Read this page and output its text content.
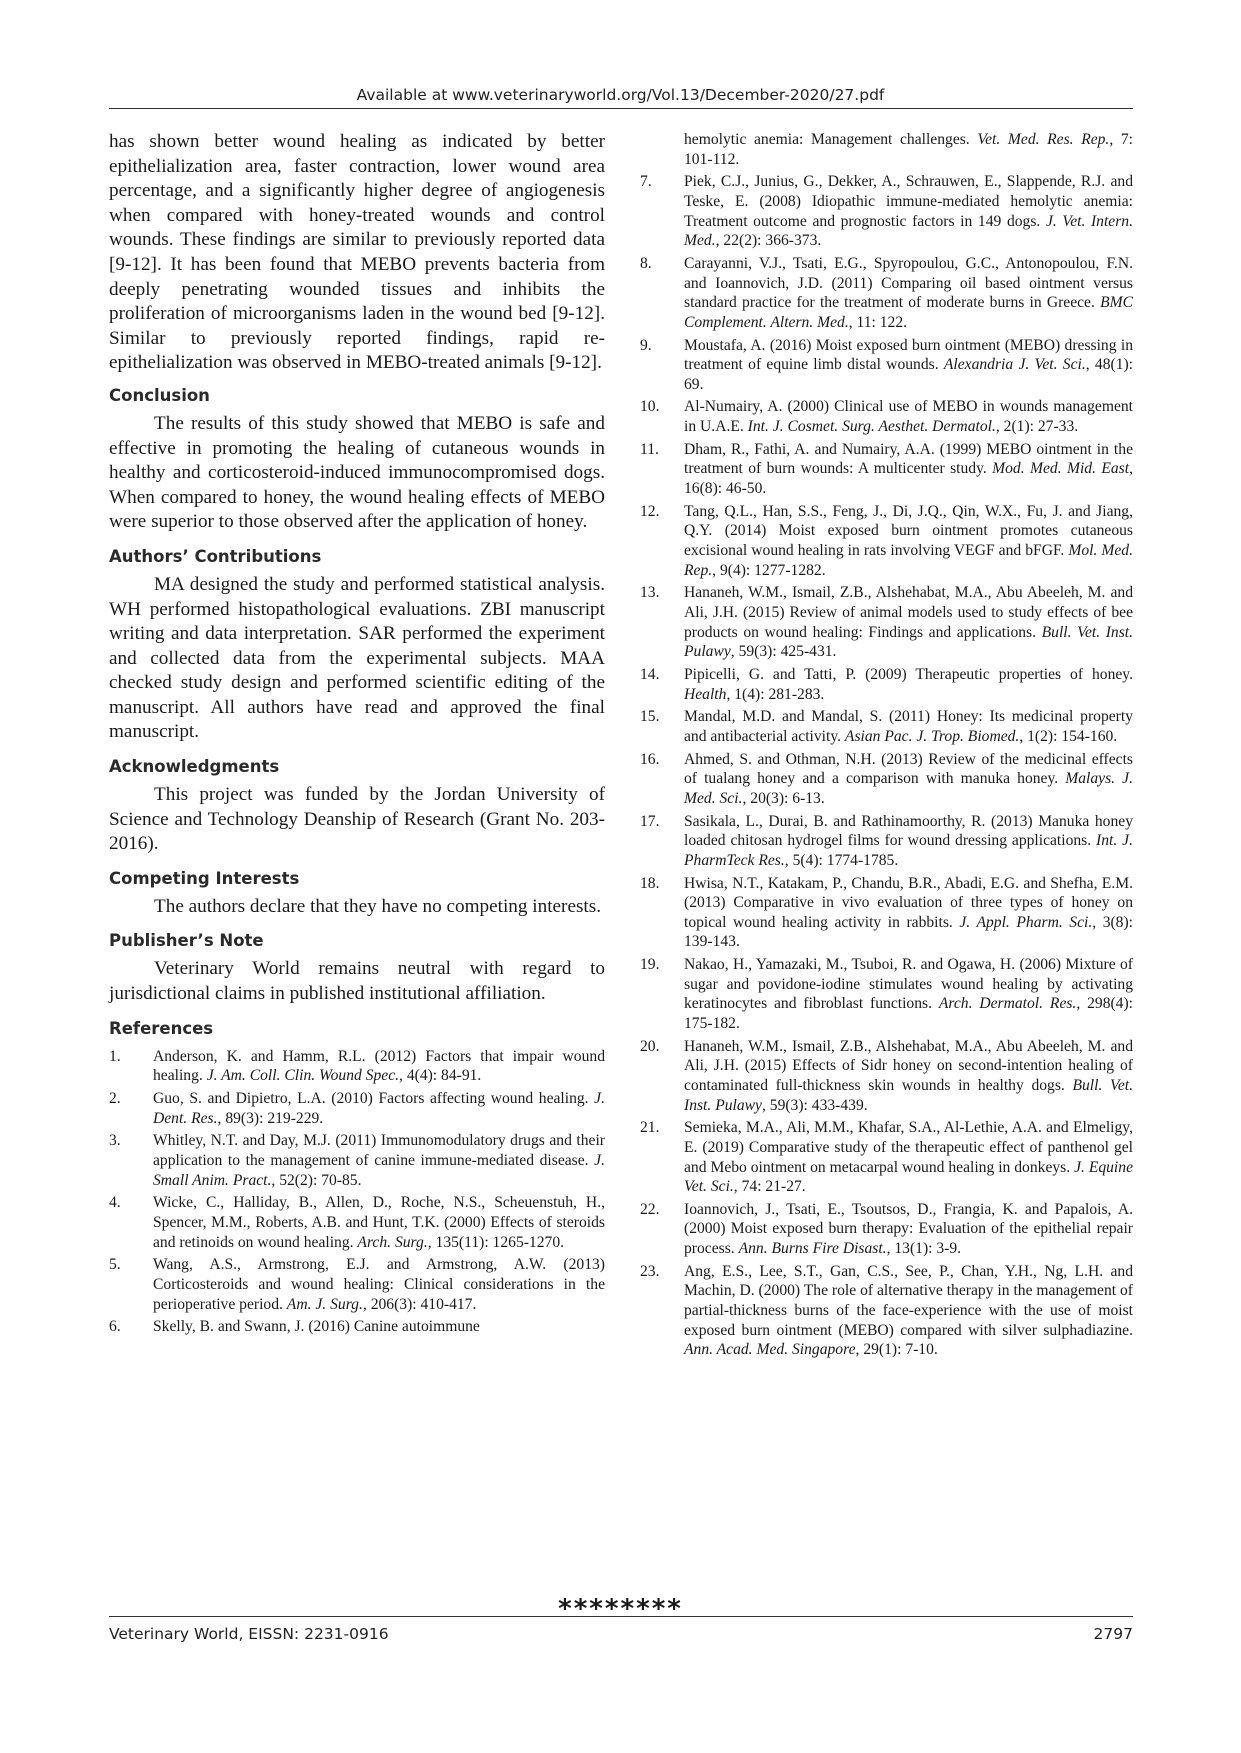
Available at www.veterinaryworld.org/Vol.13/December-2020/27.pdf

has shown better wound healing as indicated by better epithelialization area, faster contraction, lower wound area percentage, and a significantly higher degree of angiogenesis when compared with honey-treated wounds and control wounds. These findings are similar to previously reported data [9-12]. It has been found that MEBO prevents bacteria from deeply penetrating wounded tissues and inhibits the proliferation of microorganisms laden in the wound bed [9-12]. Similar to previously reported findings, rapid re-epithelialization was observed in MEBO-treated animals [9-12].

Conclusion

The results of this study showed that MEBO is safe and effective in promoting the healing of cutaneous wounds in healthy and corticosteroid-induced immunocompromised dogs. When compared to honey, the wound healing effects of MEBO were superior to those observed after the application of honey.

Authors’ Contributions

MA designed the study and performed statistical analysis. WH performed histopathological evaluations. ZBI manuscript writing and data interpretation. SAR performed the experiment and collected data from the experimental subjects. MAA checked study design and performed scientific editing of the manuscript. All authors have read and approved the final manuscript.

Acknowledgments

This project was funded by the Jordan University of Science and Technology Deanship of Research (Grant No. 203-2016).

Competing Interests

The authors declare that they have no competing interests.

Publisher’s Note

Veterinary World remains neutral with regard to jurisdictional claims in published institutional affiliation.

References
1.	Anderson, K. and Hamm, R.L. (2012) Factors that impair wound healing. J. Am. Coll. Clin. Wound Spec., 4(4): 84-91.
2.	Guo, S. and Dipietro, L.A. (2010) Factors affecting wound healing. J. Dent. Res., 89(3): 219-229.
3.	Whitley, N.T. and Day, M.J. (2011) Immunomodulatory drugs and their application to the management of canine immune-mediated disease. J. Small Anim. Pract., 52(2): 70-85.
4.	Wicke, C., Halliday, B., Allen, D., Roche, N.S., Scheuenstuh, H., Spencer, M.M., Roberts, A.B. and Hunt, T.K. (2000) Effects of steroids and retinoids on wound healing. Arch. Surg., 135(11): 1265-1270.
5.	Wang, A.S., Armstrong, E.J. and Armstrong, A.W. (2013) Corticosteroids and wound healing: Clinical considerations in the perioperative period. Am. J. Surg., 206(3): 410-417.
6.	Skelly, B. and Swann, J. (2016) Canine autoimmune
hemolytic anemia: Management challenges. Vet. Med. Res. Rep., 7: 101-112.
7.	Piek, C.J., Junius, G., Dekker, A., Schrauwen, E., Slappende, R.J. and Teske, E. (2008) Idiopathic immune-mediated hemolytic anemia: Treatment outcome and prognostic factors in 149 dogs. J. Vet. Intern. Med., 22(2): 366-373.
8.	Carayanni, V.J., Tsati, E.G., Spyropoulou, G.C., Antonopoulou, F.N. and Ioannovich, J.D. (2011) Comparing oil based ointment versus standard practice for the treatment of moderate burns in Greece. BMC Complement. Altern. Med., 11: 122.
9.	Moustafa, A. (2016) Moist exposed burn ointment (MEBO) dressing in treatment of equine limb distal wounds. Alexandria J. Vet. Sci., 48(1): 69.
10.	Al-Numairy, A. (2000) Clinical use of MEBO in wounds management in U.A.E. Int. J. Cosmet. Surg. Aesthet. Dermatol., 2(1): 27-33.
11.	Dham, R., Fathi, A. and Numairy, A.A. (1999) MEBO ointment in the treatment of burn wounds: A multicenter study. Mod. Med. Mid. East, 16(8): 46-50.
12.	Tang, Q.L., Han, S.S., Feng, J., Di, J.Q., Qin, W.X., Fu, J. and Jiang, Q.Y. (2014) Moist exposed burn ointment promotes cutaneous excisional wound healing in rats involving VEGF and bFGF. Mol. Med. Rep., 9(4): 1277-1282.
13.	Hananeh, W.M., Ismail, Z.B., Alshehabat, M.A., Abu Abeeleh, M. and Ali, J.H. (2015) Review of animal models used to study effects of bee products on wound healing: Findings and applications. Bull. Vet. Inst. Pulawy, 59(3): 425-431.
14.	Pipicelli, G. and Tatti, P. (2009) Therapeutic properties of honey. Health, 1(4): 281-283.
15.	Mandal, M.D. and Mandal, S. (2011) Honey: Its medicinal property and antibacterial activity. Asian Pac. J. Trop. Biomed., 1(2): 154-160.
16.	Ahmed, S. and Othman, N.H. (2013) Review of the medicinal effects of tualang honey and a comparison with manuka honey. Malays. J. Med. Sci., 20(3): 6-13.
17.	Sasikala, L., Durai, B. and Rathinamoorthy, R. (2013) Manuka honey loaded chitosan hydrogel films for wound dressing applications. Int. J. PharmTeck Res., 5(4): 1774-1785.
18.	Hwisa, N.T., Katakam, P., Chandu, B.R., Abadi, E.G. and Shefha, E.M. (2013) Comparative in vivo evaluation of three types of honey on topical wound healing activity in rabbits. J. Appl. Pharm. Sci., 3(8): 139-143.
19.	Nakao, H., Yamazaki, M., Tsuboi, R. and Ogawa, H. (2006) Mixture of sugar and povidone-iodine stimulates wound healing by activating keratinocytes and fibroblast functions. Arch. Dermatol. Res., 298(4): 175-182.
20.	Hananeh, W.M., Ismail, Z.B., Alshehabat, M.A., Abu Abeeleh, M. and Ali, J.H. (2015) Effects of Sidr honey on second-intention healing of contaminated full-thickness skin wounds in healthy dogs. Bull. Vet. Inst. Pulawy, 59(3): 433-439.
21.	Semieka, M.A., Ali, M.M., Khafar, S.A., Al-Lethie, A.A. and Elmeligy, E. (2019) Comparative study of the therapeutic effect of panthenol gel and Mebo ointment on metacarpal wound healing in donkeys. J. Equine Vet. Sci., 74: 21-27.
22.	Ioannovich, J., Tsati, E., Tsoutsos, D., Frangia, K. and Papalois, A. (2000) Moist exposed burn therapy: Evaluation of the epithelial repair process. Ann. Burns Fire Disast., 13(1): 3-9.
23.	Ang, E.S., Lee, S.T., Gan, C.S., See, P., Chan, Y.H., Ng, L.H. and Machin, D. (2000) The role of alternative therapy in the management of partial-thickness burns of the face-experience with the use of moist exposed burn ointment (MEBO) compared with silver sulphadiazine. Ann. Acad. Med. Singapore, 29(1): 7-10.
********
Veterinary World, EISSN: 2231-0916	2797
